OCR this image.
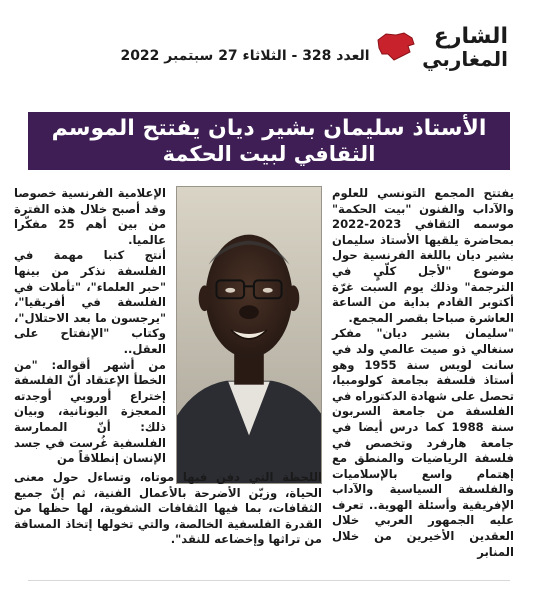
الشارع
المغاربي
العدد 328 - الثلاثاء 27 سبتمبر 2022
الأستاذ سليمان بشير ديان يفتتح الموسم
الثقافي لبيت الحكمة

يفتتح المجمع التونسي للعلوم والآداب والفنون "بيت الحكمة" موسمه الثقافي 2023-2022 بمحاضرة يلقيها الأستاذ سليمان بشير ديان باللغة الفرنسية حول موضوع "لأجل كلّيٍ في الترجمة" وذلك يوم السبت غرّة أكتوبر القادم بداية من الساعة العاشرة صباحا بقصر المجمع.

"سليمان بشير ديان" مفكر سنغالي ذو صيت عالمي ولد في سانت لويس سنة 1955 وهو أستاذ فلسفة بجامعة كولومبيا، تحصل على شهادة الدكتوراه في الفلسفة من جامعة السربون سنة 1988 كما درس أيضا في جامعة هارفرد وتخصص في فلسفة الرياضيات والمنطق مع إهتمام واسع بالإسلاميات والفلسفة السياسية والآداب الإفريقية وأسئلة الهوية.. تعرف عليه الجمهور العربي خلال العقدين الأخيرين من خلال المنابر

الإعلامية الفرنسية خصوصا وقد أصبح خلال هذه الفترة من بين أهم 25 مفكّرا عالميا.

أنتج كتبا مهمة في الفلسفة نذكر من بينها "حبر العلماء"، "تأملات في الفلسفة في أفريقيا"، "يرجسون ما بعد الاحتلال"، وكتاب "الإنفتاح على العقل..

من أشهر أقواله: "من الخطأ الإعتقاد أنّ الفلسفة إختراع أوروبي أوجدته المعجزة اليونانية، وبيان ذلك: أنّ الممارسة الفلسفية غُرست في جسد الإنسان إنطلاقاً من

اللحظة التي دفن فيها موتاه، وتساءل حول معنى الحياة، وزيّن الأضرحة بالأعمال الفنية، ثم إنّ جميع الثقافات، بما فيها الثقافات الشفوية، لها حظها من القدرة الفلسفية الخالصة، والتي تخولها إتخاذ المسافة من تراثها وإخضاعه للنقد".
